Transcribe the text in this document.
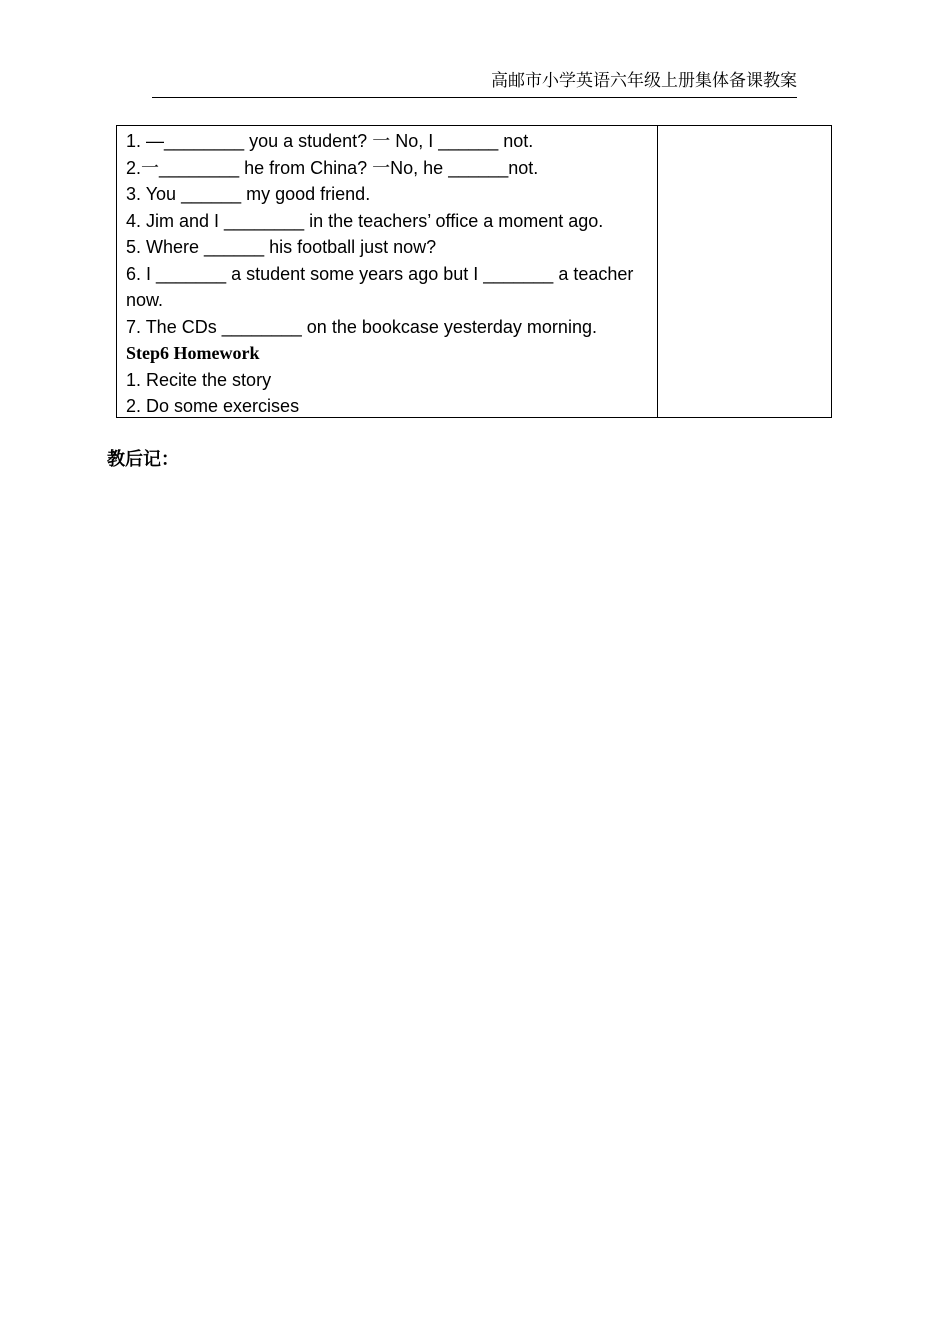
高邮市小学英语六年级上册集体备课教案
1. —________ you a student? 一 No, I ______ not.
2.一________ he from China? 一No, he ______not.
3. You ______ my good friend.
4. Jim and I ________ in the teachers’ office a moment ago.
5. Where ______ his football just now?
6. I _______ a student some years ago but I _______ a teacher now.
7. The CDs ________ on the bookcase yesterday morning.
Step6 Homework
1. Recite the story
2. Do some exercises
教后记：
